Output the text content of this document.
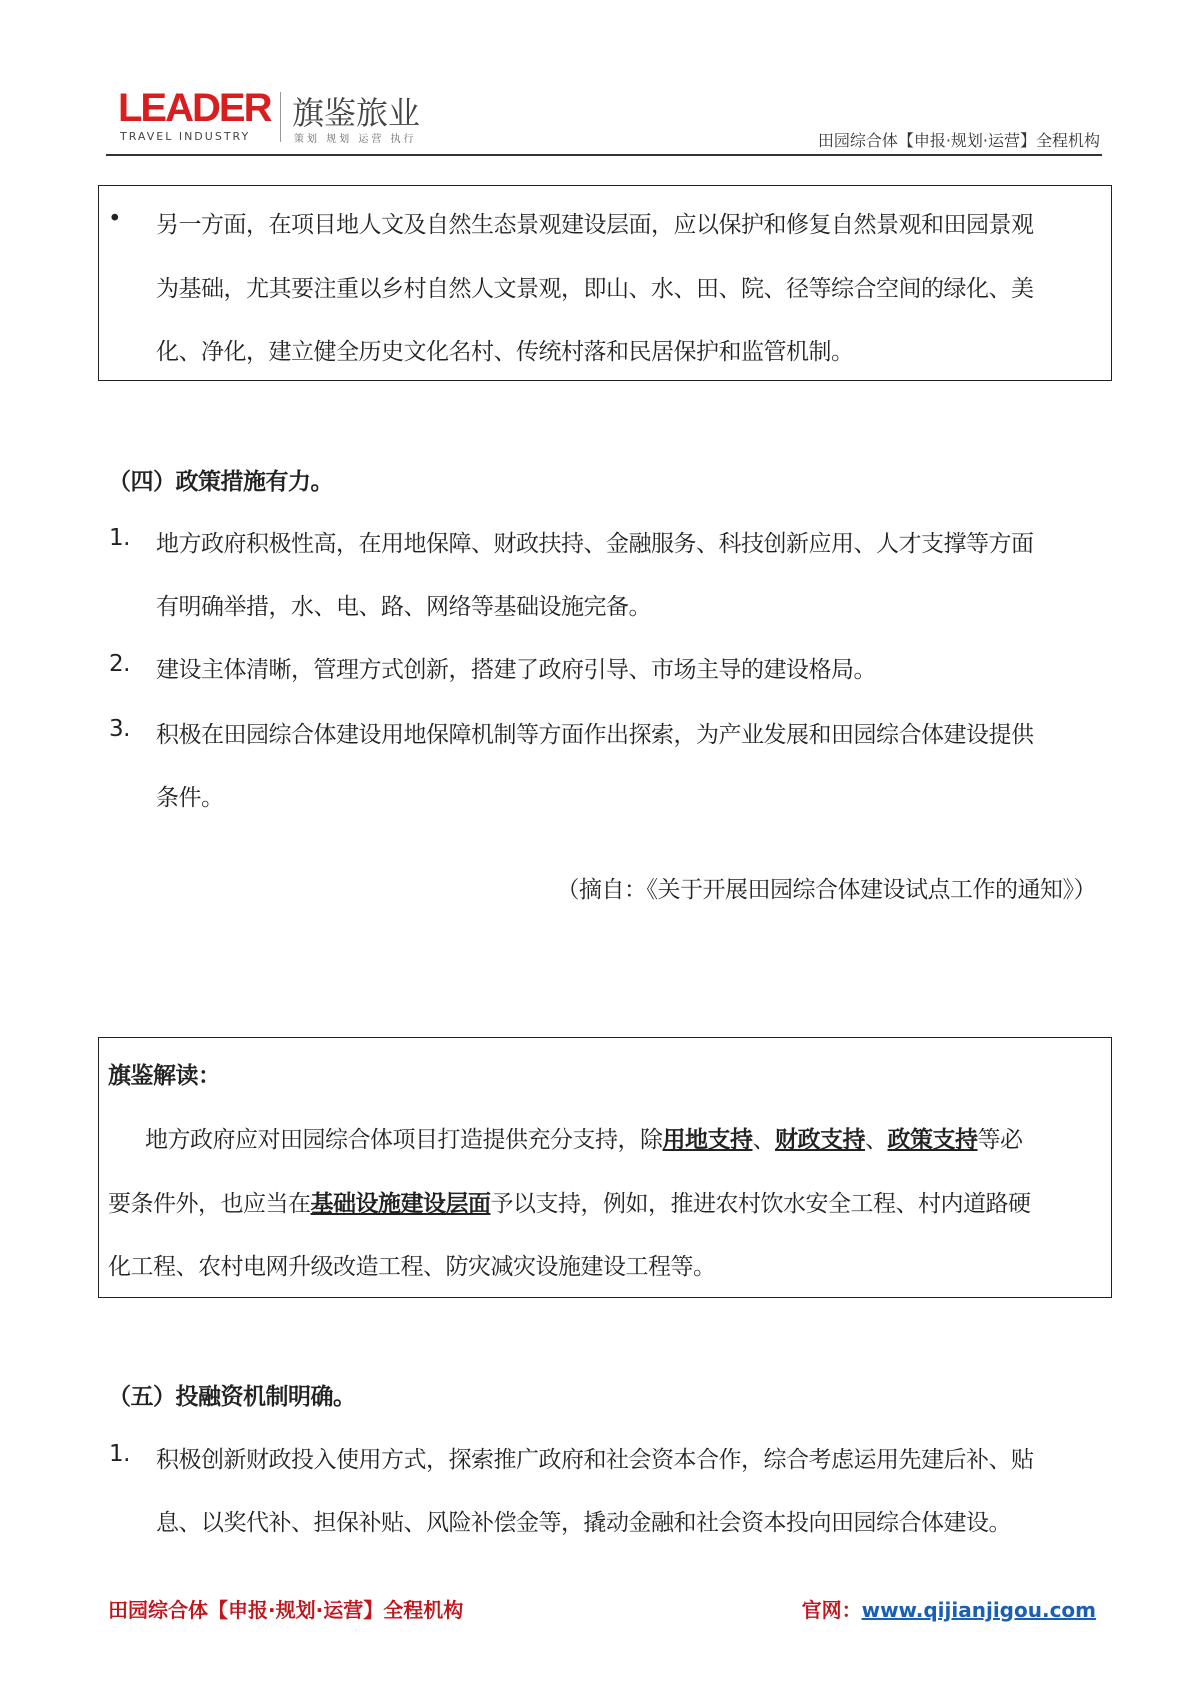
LEADER
TRAVEL INDUSTRY
旗鉴旅业
策划 规划 运营 执行	田园综合体【申报·规划·运营】全程机构
• 另一方面，在项目地人文及自然生态景观建设层面，应以保护和修复自然景观和田园景观
为基础，尤其要注重以乡村自然人文景观，即山、水、田、院、径等综合空间的绿化、美
化、净化，建立健全历史文化名村、传统村落和民居保护和监管机制。
（四）政策措施有力。
1. 地方政府积极性高，在用地保障、财政扶持、金融服务、科技创新应用、人才支撑等方面
有明确举措，水、电、路、网络等基础设施完备。
2. 建设主体清晰，管理方式创新，搭建了政府引导、市场主导的建设格局。
3. 积极在田园综合体建设用地保障机制等方面作出探索，为产业发展和田园综合体建设提供
条件。
（摘自：《关于开展田园综合体建设试点工作的通知》）
旗鉴解读：
地方政府应对田园综合体项目打造提供充分支持，除用地支持、财政支持、政策支持等必
要条件外，也应当在基础设施建设层面予以支持，例如，推进农村饮水安全工程、村内道路硬
化工程、农村电网升级改造工程、防灾减灾设施建设工程等。
（五）投融资机制明确。
1. 积极创新财政投入使用方式，探索推广政府和社会资本合作，综合考虑运用先建后补、贴
息、以奖代补、担保补贴、风险补偿金等，撬动金融和社会资本投向田园综合体建设。
田园综合体【申报·规划·运营】全程机构	官网：www.qijianjigou.com
